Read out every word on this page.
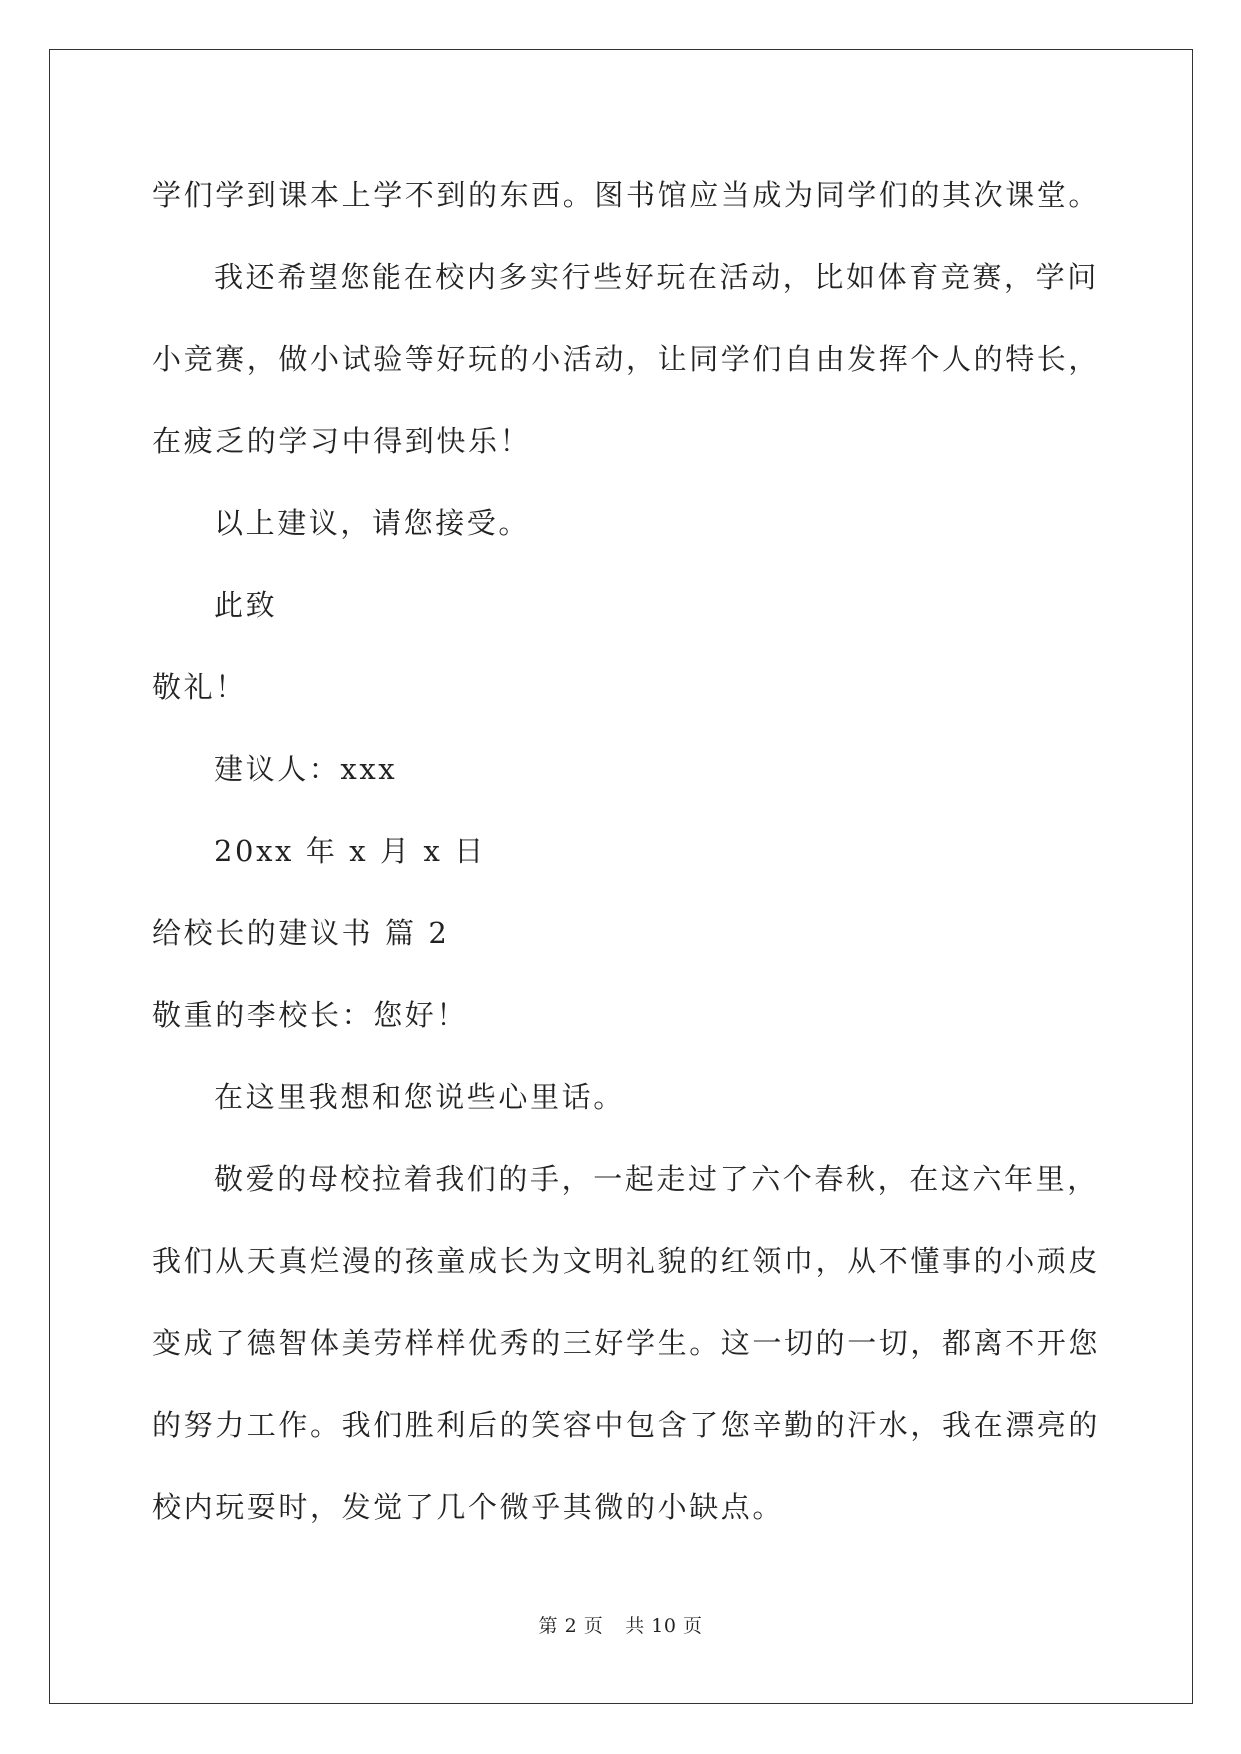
学们学到课本上学不到的东西。图书馆应当成为同学们的其次课堂。
我还希望您能在校内多实行些好玩在活动，比如体育竞赛，学问
小竞赛，做小试验等好玩的小活动，让同学们自由发挥个人的特长，
在疲乏的学习中得到快乐！
以上建议，请您接受。
此致
敬礼！
建议人：xxx
20xx 年 x 月 x 日
给校长的建议书 篇 2
敬重的李校长：您好！
在这里我想和您说些心里话。
敬爱的母校拉着我们的手，一起走过了六个春秋，在这六年里，
我们从天真烂漫的孩童成长为文明礼貌的红领巾，从不懂事的小顽皮
变成了德智体美劳样样优秀的三好学生。这一切的一切，都离不开您
的努力工作。我们胜利后的笑容中包含了您辛勤的汗水，我在漂亮的
校内玩耍时，发觉了几个微乎其微的小缺点。
第 2 页 共 10 页
